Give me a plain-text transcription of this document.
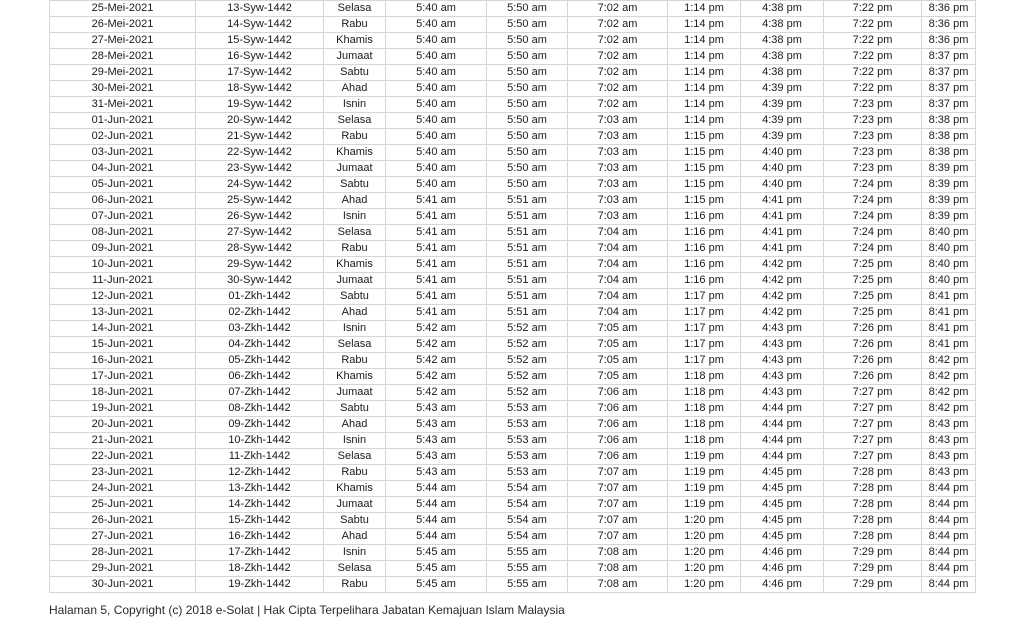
25-Mei-2021	13-Syw-1442	Selasa	5:40 am	5:50 am	7:02 am	1:14 pm	4:38 pm	7:22 pm	8:36 pm
26-Mei-2021	14-Syw-1442	Rabu	5:40 am	5:50 am	7:02 am	1:14 pm	4:38 pm	7:22 pm	8:36 pm
27-Mei-2021	15-Syw-1442	Khamis	5:40 am	5:50 am	7:02 am	1:14 pm	4:38 pm	7:22 pm	8:36 pm
28-Mei-2021	16-Syw-1442	Jumaat	5:40 am	5:50 am	7:02 am	1:14 pm	4:38 pm	7:22 pm	8:37 pm
29-Mei-2021	17-Syw-1442	Sabtu	5:40 am	5:50 am	7:02 am	1:14 pm	4:38 pm	7:22 pm	8:37 pm
30-Mei-2021	18-Syw-1442	Ahad	5:40 am	5:50 am	7:02 am	1:14 pm	4:39 pm	7:22 pm	8:37 pm
31-Mei-2021	19-Syw-1442	Isnin	5:40 am	5:50 am	7:02 am	1:14 pm	4:39 pm	7:23 pm	8:37 pm
01-Jun-2021	20-Syw-1442	Selasa	5:40 am	5:50 am	7:03 am	1:14 pm	4:39 pm	7:23 pm	8:38 pm
02-Jun-2021	21-Syw-1442	Rabu	5:40 am	5:50 am	7:03 am	1:15 pm	4:39 pm	7:23 pm	8:38 pm
03-Jun-2021	22-Syw-1442	Khamis	5:40 am	5:50 am	7:03 am	1:15 pm	4:40 pm	7:23 pm	8:38 pm
04-Jun-2021	23-Syw-1442	Jumaat	5:40 am	5:50 am	7:03 am	1:15 pm	4:40 pm	7:23 pm	8:39 pm
05-Jun-2021	24-Syw-1442	Sabtu	5:40 am	5:50 am	7:03 am	1:15 pm	4:40 pm	7:24 pm	8:39 pm
06-Jun-2021	25-Syw-1442	Ahad	5:41 am	5:51 am	7:03 am	1:15 pm	4:41 pm	7:24 pm	8:39 pm
07-Jun-2021	26-Syw-1442	Isnin	5:41 am	5:51 am	7:03 am	1:16 pm	4:41 pm	7:24 pm	8:39 pm
08-Jun-2021	27-Syw-1442	Selasa	5:41 am	5:51 am	7:04 am	1:16 pm	4:41 pm	7:24 pm	8:40 pm
09-Jun-2021	28-Syw-1442	Rabu	5:41 am	5:51 am	7:04 am	1:16 pm	4:41 pm	7:24 pm	8:40 pm
10-Jun-2021	29-Syw-1442	Khamis	5:41 am	5:51 am	7:04 am	1:16 pm	4:42 pm	7:25 pm	8:40 pm
11-Jun-2021	30-Syw-1442	Jumaat	5:41 am	5:51 am	7:04 am	1:16 pm	4:42 pm	7:25 pm	8:40 pm
12-Jun-2021	01-Zkh-1442	Sabtu	5:41 am	5:51 am	7:04 am	1:17 pm	4:42 pm	7:25 pm	8:41 pm
13-Jun-2021	02-Zkh-1442	Ahad	5:41 am	5:51 am	7:04 am	1:17 pm	4:42 pm	7:25 pm	8:41 pm
14-Jun-2021	03-Zkh-1442	Isnin	5:42 am	5:52 am	7:05 am	1:17 pm	4:43 pm	7:26 pm	8:41 pm
15-Jun-2021	04-Zkh-1442	Selasa	5:42 am	5:52 am	7:05 am	1:17 pm	4:43 pm	7:26 pm	8:41 pm
16-Jun-2021	05-Zkh-1442	Rabu	5:42 am	5:52 am	7:05 am	1:17 pm	4:43 pm	7:26 pm	8:42 pm
17-Jun-2021	06-Zkh-1442	Khamis	5:42 am	5:52 am	7:05 am	1:18 pm	4:43 pm	7:26 pm	8:42 pm
18-Jun-2021	07-Zkh-1442	Jumaat	5:42 am	5:52 am	7:06 am	1:18 pm	4:43 pm	7:27 pm	8:42 pm
19-Jun-2021	08-Zkh-1442	Sabtu	5:43 am	5:53 am	7:06 am	1:18 pm	4:44 pm	7:27 pm	8:42 pm
20-Jun-2021	09-Zkh-1442	Ahad	5:43 am	5:53 am	7:06 am	1:18 pm	4:44 pm	7:27 pm	8:43 pm
21-Jun-2021	10-Zkh-1442	Isnin	5:43 am	5:53 am	7:06 am	1:18 pm	4:44 pm	7:27 pm	8:43 pm
22-Jun-2021	11-Zkh-1442	Selasa	5:43 am	5:53 am	7:06 am	1:19 pm	4:44 pm	7:27 pm	8:43 pm
23-Jun-2021	12-Zkh-1442	Rabu	5:43 am	5:53 am	7:07 am	1:19 pm	4:45 pm	7:28 pm	8:43 pm
24-Jun-2021	13-Zkh-1442	Khamis	5:44 am	5:54 am	7:07 am	1:19 pm	4:45 pm	7:28 pm	8:44 pm
25-Jun-2021	14-Zkh-1442	Jumaat	5:44 am	5:54 am	7:07 am	1:19 pm	4:45 pm	7:28 pm	8:44 pm
26-Jun-2021	15-Zkh-1442	Sabtu	5:44 am	5:54 am	7:07 am	1:20 pm	4:45 pm	7:28 pm	8:44 pm
27-Jun-2021	16-Zkh-1442	Ahad	5:44 am	5:54 am	7:07 am	1:20 pm	4:45 pm	7:28 pm	8:44 pm
28-Jun-2021	17-Zkh-1442	Isnin	5:45 am	5:55 am	7:08 am	1:20 pm	4:46 pm	7:29 pm	8:44 pm
29-Jun-2021	18-Zkh-1442	Selasa	5:45 am	5:55 am	7:08 am	1:20 pm	4:46 pm	7:29 pm	8:44 pm
30-Jun-2021	19-Zkh-1442	Rabu	5:45 am	5:55 am	7:08 am	1:20 pm	4:46 pm	7:29 pm	8:44 pm
Halaman 5, Copyright (c) 2018 e-Solat | Hak Cipta Terpelihara Jabatan Kemajuan Islam Malaysia
